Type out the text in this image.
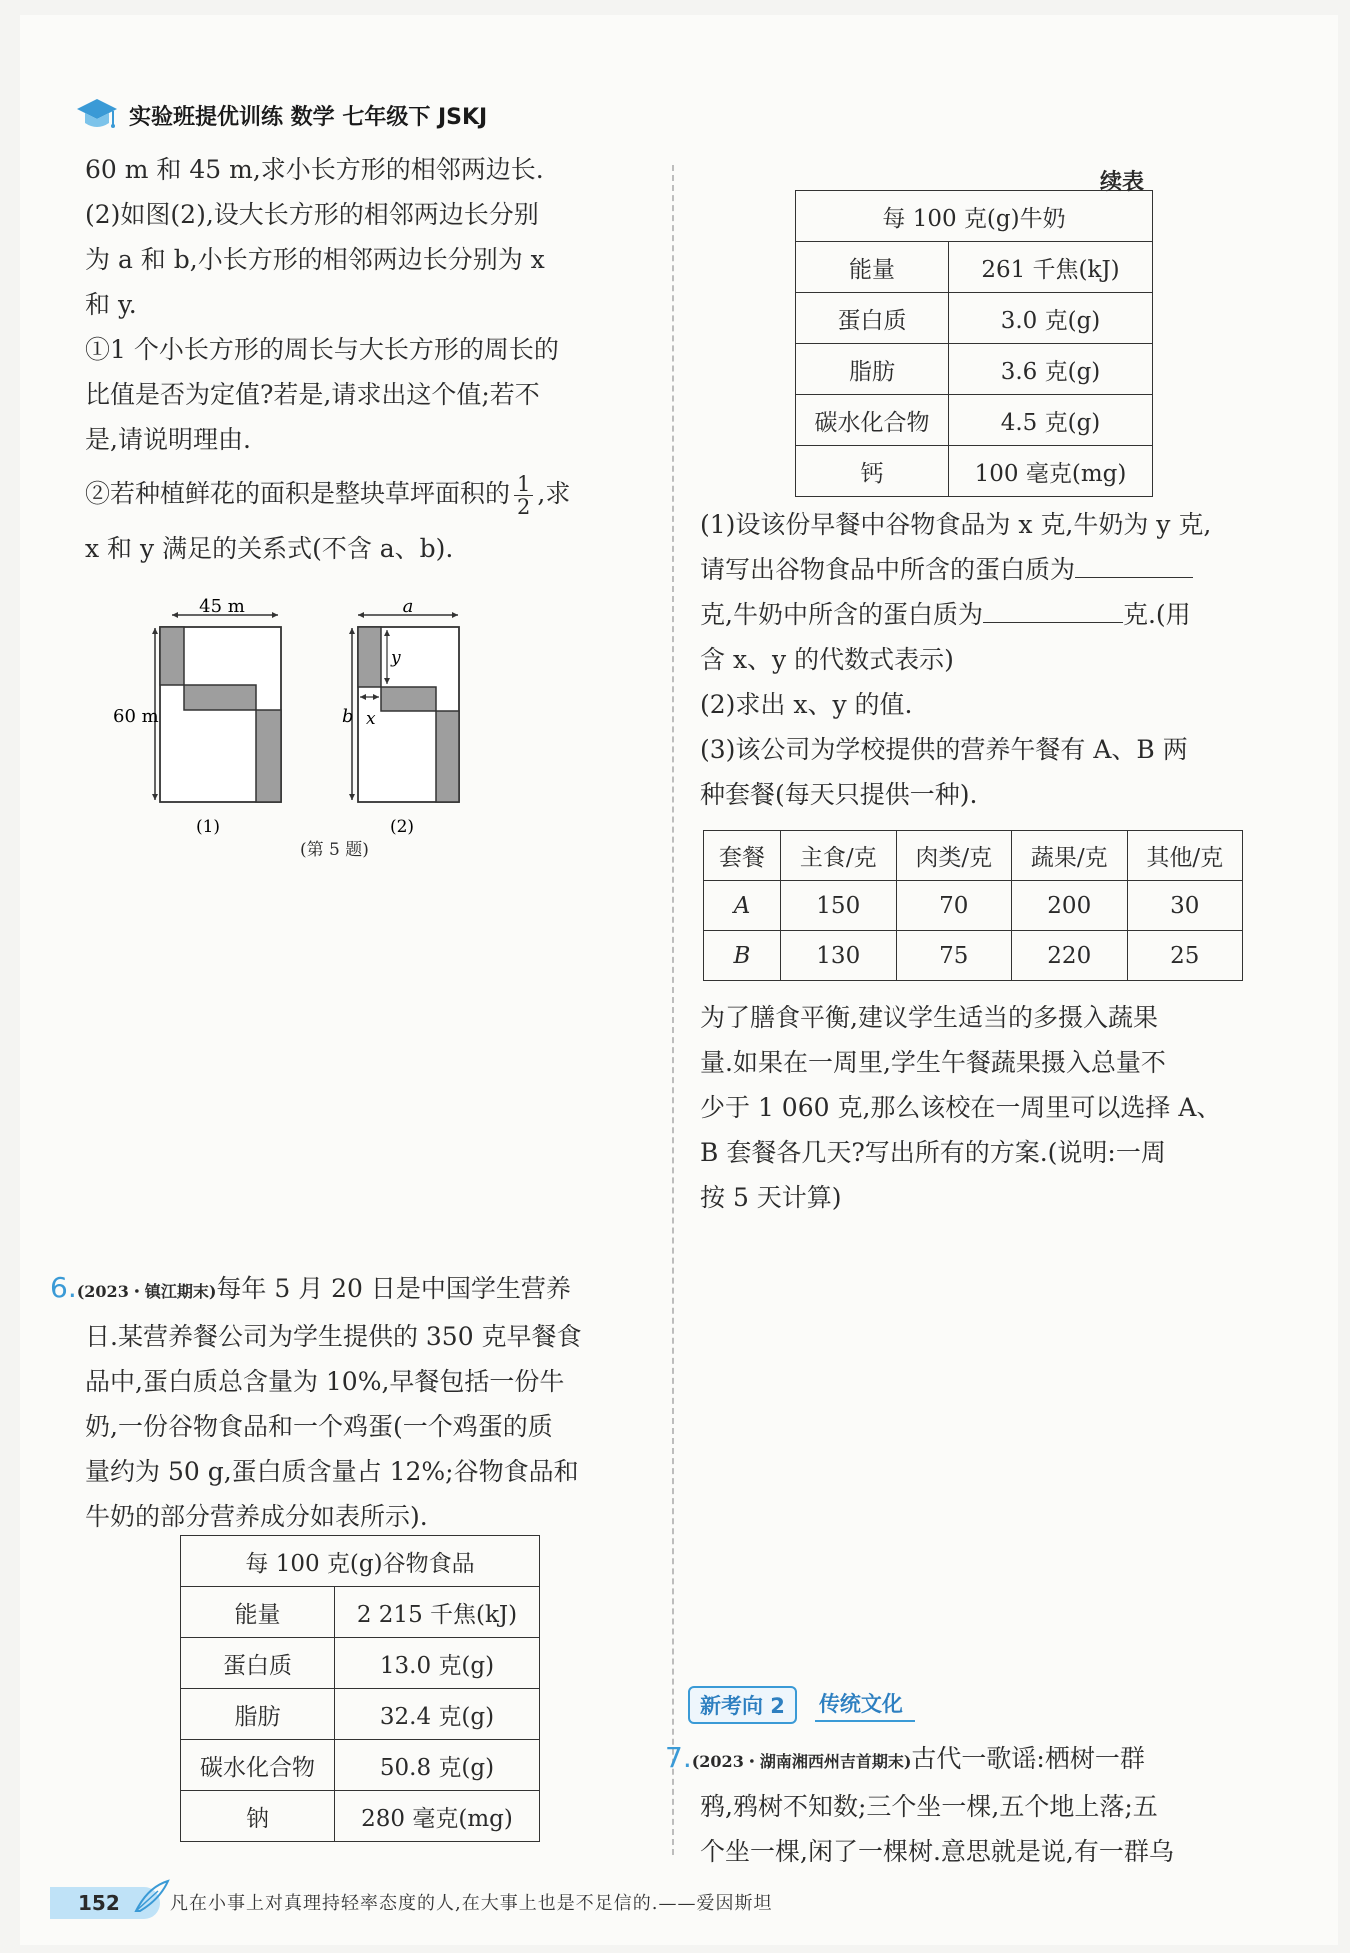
实验班提优训练 数学 七年级下 JSKJ
60 m 和 45 m,求小长方形的相邻两边长.
(2)如图(2),设大长方形的相邻两边长分别
为 a 和 b,小长方形的相邻两边长分别为 x
和 y.
①1 个小长方形的周长与大长方形的周长的
比值是否为定值?若是,请求出这个值;若不
是,请说明理由.
②若种植鲜花的面积是整块草坪面积的 $\frac{1}{2}$ ,求
x 和 y 满足的关系式(不含 a、b).
45 m
60 m
(1)
a
b
y
x
(2)
(第 5 题)
6.(2023・镇江期末)每年 5 月 20 日是中国学生营养
日.某营养餐公司为学生提供的 350 克早餐食
品中,蛋白质总含量为 10%,早餐包括一份牛
奶,一份谷物食品和一个鸡蛋(一个鸡蛋的质
量约为 50 g,蛋白质含量占 12%;谷物食品和
牛奶的部分营养成分如表所示).
每 100 克(g)谷物食品	
能量	2 215 千焦(kJ)
蛋白质	13.0 克(g)
脂肪	32.4 克(g)
碳水化合物	50.8 克(g)
钠	280 毫克(mg)
续表
每 100 克(g)牛奶	
能量	261 千焦(kJ)
蛋白质	3.0 克(g)
脂肪	3.6 克(g)
碳水化合物	4.5 克(g)
钙	100 毫克(mg)
(1)设该份早餐中谷物食品为 x 克,牛奶为 y 克,
请写出谷物食品中所含的蛋白质为
克,牛奶中所含的蛋白质为	克.(用
含 x、y 的代数式表示)
(2)求出 x、y 的值.
(3)该公司为学校提供的营养午餐有 A、B 两
种套餐(每天只提供一种).
套餐	主食/克	肉类/克	蔬果/克	其他/克
A	150	70	200	30
B	130	75	220	25
为了膳食平衡,建议学生适当的多摄入蔬果
量.如果在一周里,学生午餐蔬果摄入总量不
少于 1 060 克,那么该校在一周里可以选择 A、
B 套餐各几天?写出所有的方案.(说明:一周
按 5 天计算)
新考向 2	传统文化
7.(2023・湖南湘西州吉首期末)古代一歌谣:栖树一群
鸦,鸦树不知数;三个坐一棵,五个地上落;五
个坐一棵,闲了一棵树.意思就是说,有一群乌
152	凡在小事上对真理持轻率态度的人,在大事上也是不足信的.——爱因斯坦
